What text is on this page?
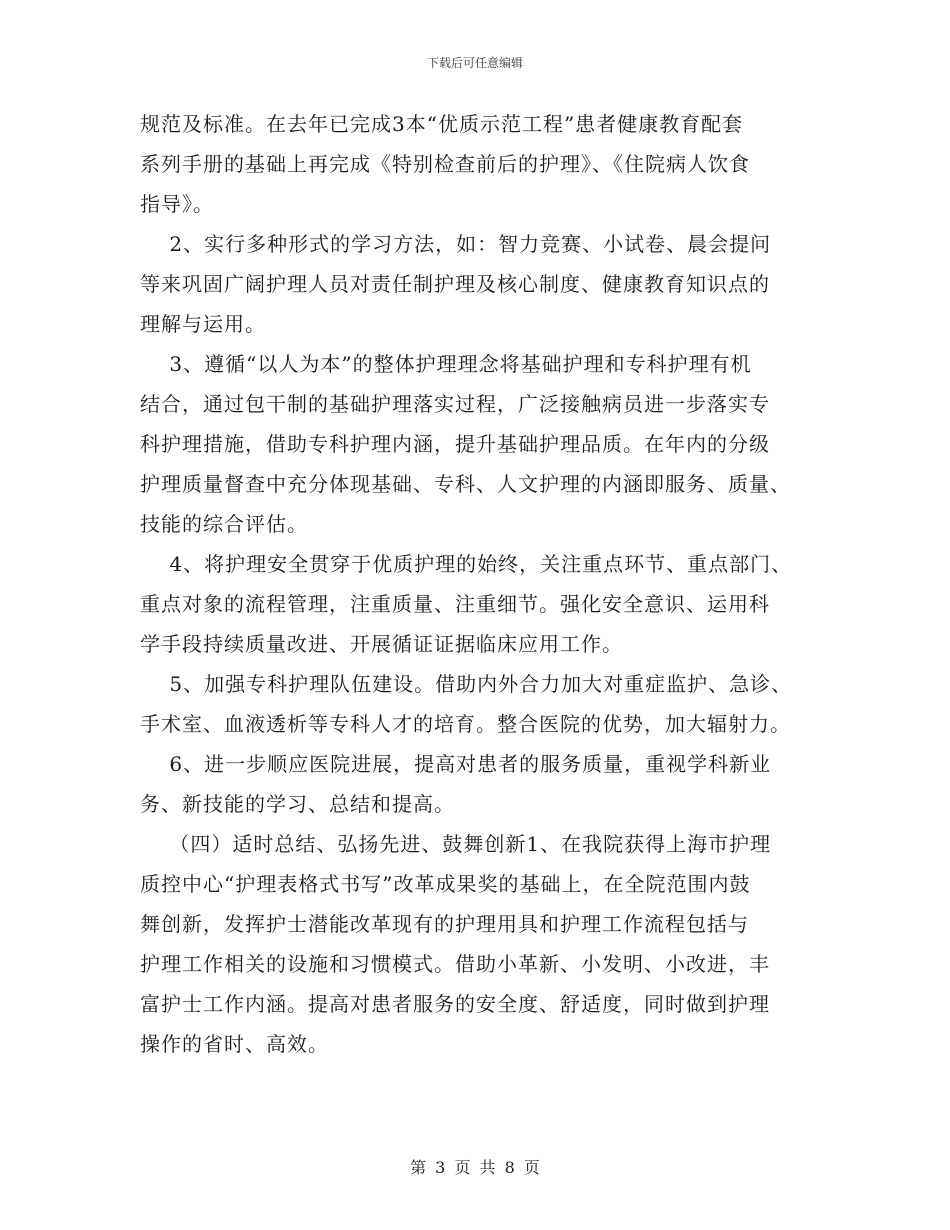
下载后可任意编辑
规范及标准。在去年已完成3本“优质示范工程”患者健康教育配套
系列手册的基础上再完成《特别检查前后的护理》、《住院病人饮食
指导》。
2、实行多种形式的学习方法，如：智力竞赛、小试卷、晨会提问
等来巩固广阔护理人员对责任制护理及核心制度、健康教育知识点的
理解与运用。
3、遵循“以人为本”的整体护理理念将基础护理和专科护理有机
结合，通过包干制的基础护理落实过程，广泛接触病员进一步落实专
科护理措施，借助专科护理内涵，提升基础护理品质。在年内的分级
护理质量督查中充分体现基础、专科、人文护理的内涵即服务、质量、
技能的综合评估。
4、将护理安全贯穿于优质护理的始终，关注重点环节、重点部门、
重点对象的流程管理，注重质量、注重细节。强化安全意识、运用科
学手段持续质量改进、开展循证证据临床应用工作。
5、加强专科护理队伍建设。借助内外合力加大对重症监护、急诊、
手术室、血液透析等专科人才的培育。整合医院的优势，加大辐射力。
6、进一步顺应医院进展，提高对患者的服务质量，重视学科新业
务、新技能的学习、总结和提高。
（四）适时总结、弘扬先进、鼓舞创新1、在我院获得上海市护理
质控中心“护理表格式书写”改革成果奖的基础上，在全院范围内鼓
舞创新，发挥护士潜能改革现有的护理用具和护理工作流程包括与
护理工作相关的设施和习惯模式。借助小革新、小发明、小改进，丰
富护士工作内涵。提高对患者服务的安全度、舒适度，同时做到护理
操作的省时、高效。
第 3 页 共 8 页
